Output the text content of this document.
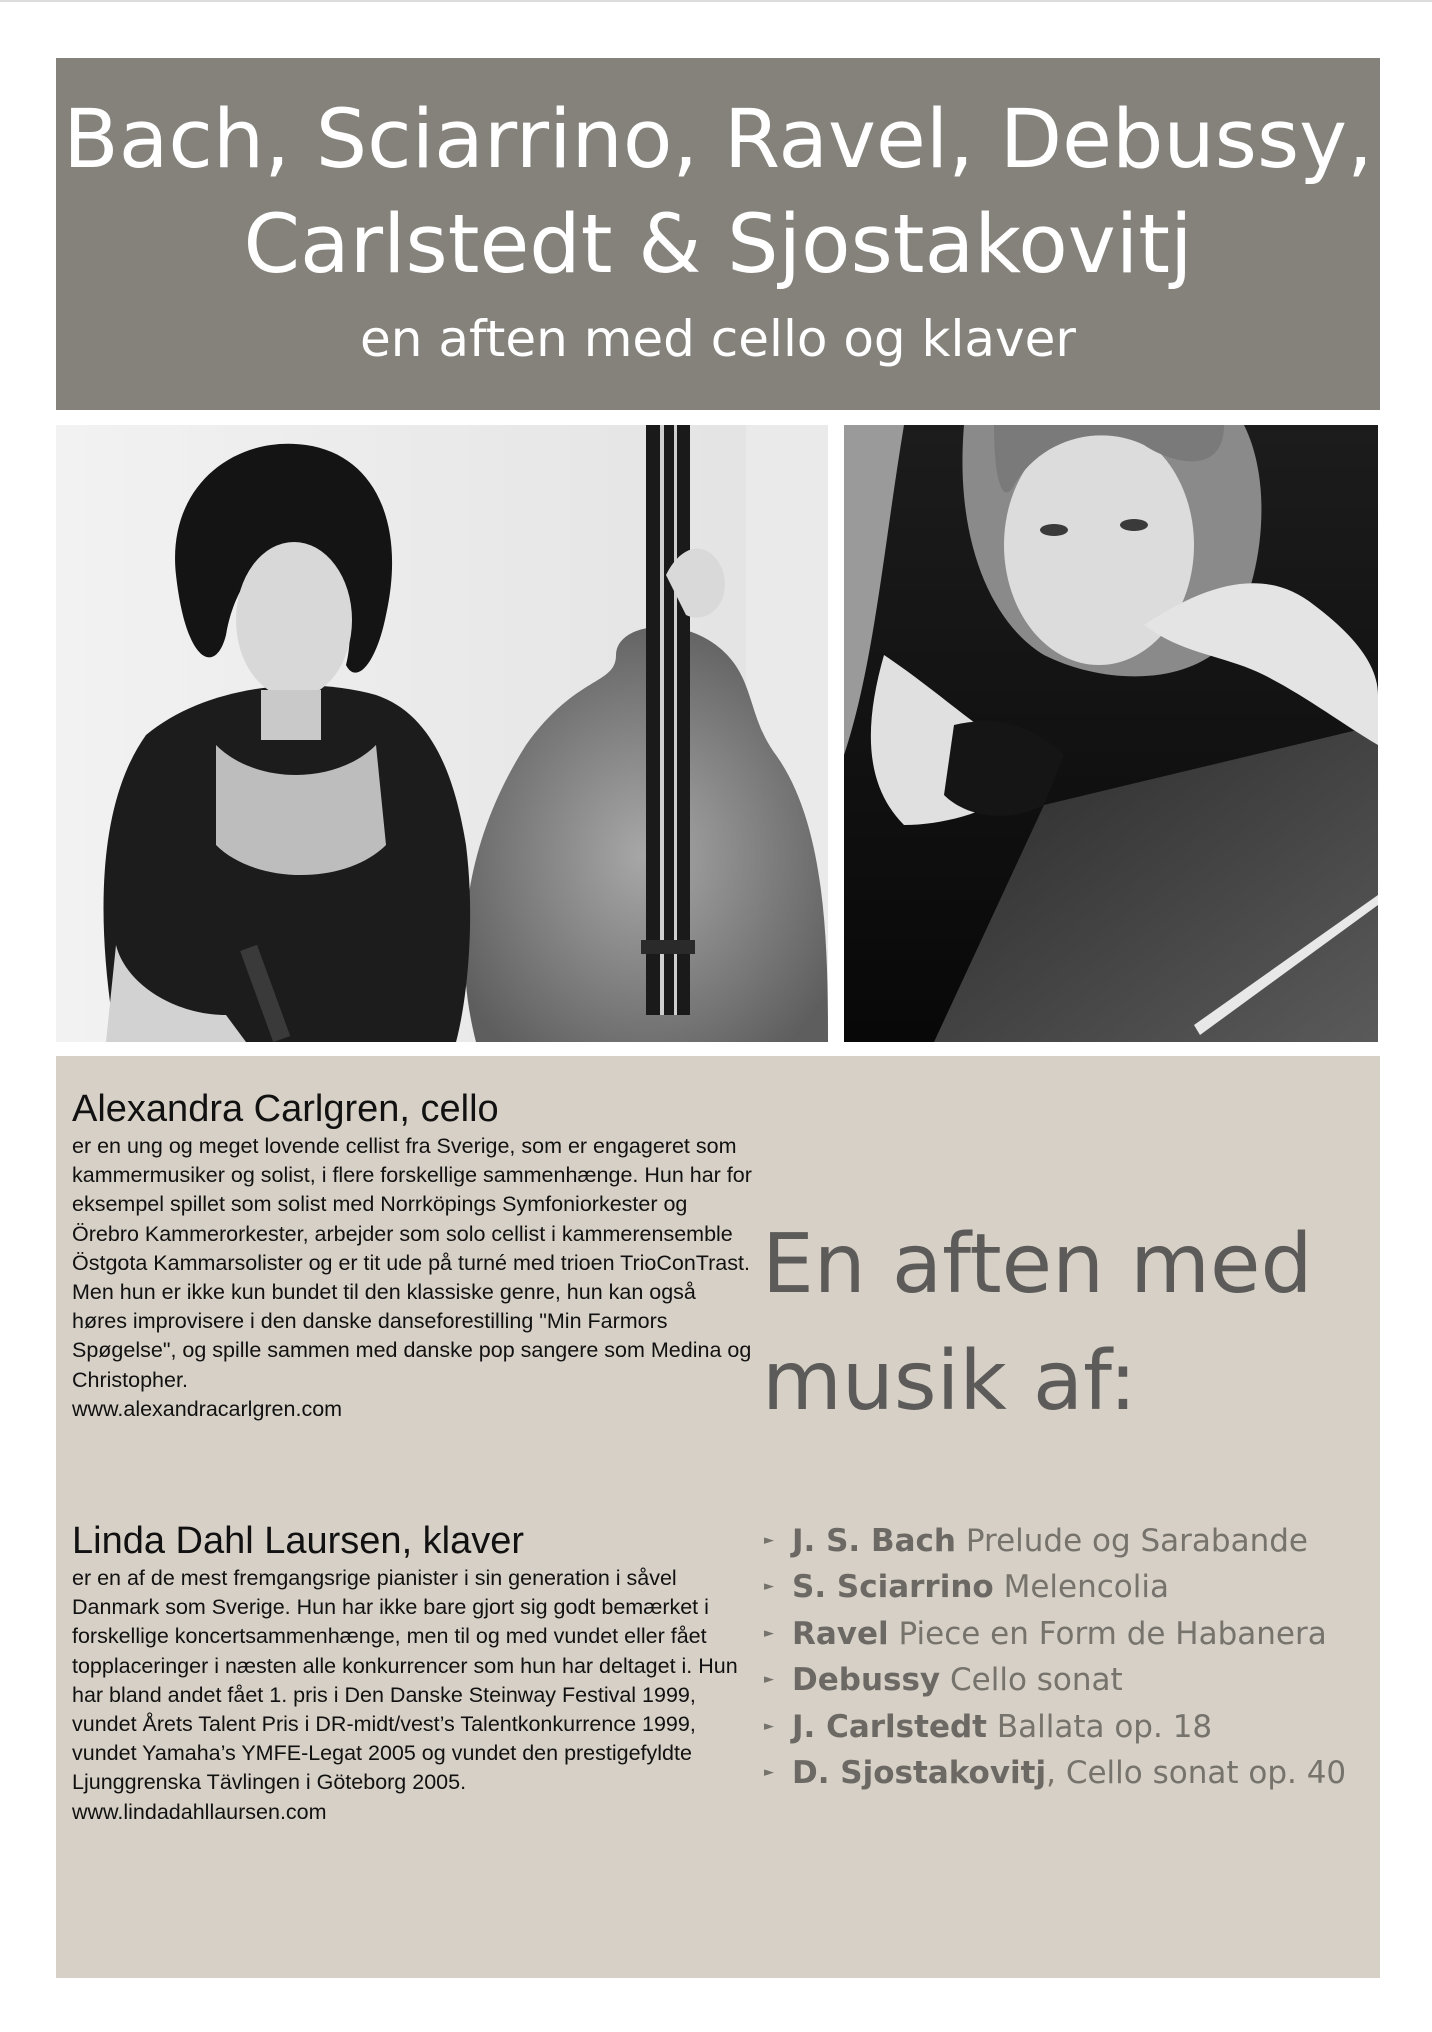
Bach, Sciarrino, Ravel, Debussy,
Carlstedt & Sjostakovitj
en aften med cello og klaver
Alexandra Carlgren, cello

er en ung og meget lovende cellist fra Sverige, som er engageret som kammermusiker og solist, i flere forskellige sammenhænge. Hun har for eksempel spillet som solist med Norrköpings Symfoniorkester og Örebro Kammerorkester, arbejder som solo cellist i kammerensemble Östgota Kammarsolister og er tit ude på turné med trioen TrioConTrast. Men hun er ikke kun bundet til den klassiske genre, hun kan også høres improvisere i den danske danseforestilling "Min Farmors Spøgelse", og spille sammen med danske pop sangere som Medina og Christopher.

www.alexandracarlgren.com

Linda Dahl Laursen, klaver

er en af de mest fremgangsrige pianister i sin generation i såvel Danmark som Sverige. Hun har ikke bare gjort sig godt bemærket i forskellige koncertsammenhænge, men til og med vundet eller fået topplaceringer i næsten alle konkurrencer som hun har deltaget i. Hun har bland andet fået 1. pris i Den Danske Steinway Festival 1999, vundet Årets Talent Pris i DR-midt/vest’s Talentkonkurrence 1999, vundet Yamaha’s YMFE-Legat 2005 og vundet den prestigefyldte Ljunggrenska Tävlingen i Göteborg 2005.

www.lindadahllaursen.com

En aften med
musik af:
► J. S. Bach Prelude og Sarabande
► S. Sciarrino Melencolia
► Ravel Piece en Form de Habanera
► Debussy Cello sonat
► J. Carlstedt Ballata op. 18
► D. Sjostakovitj, Cello sonat op. 40
